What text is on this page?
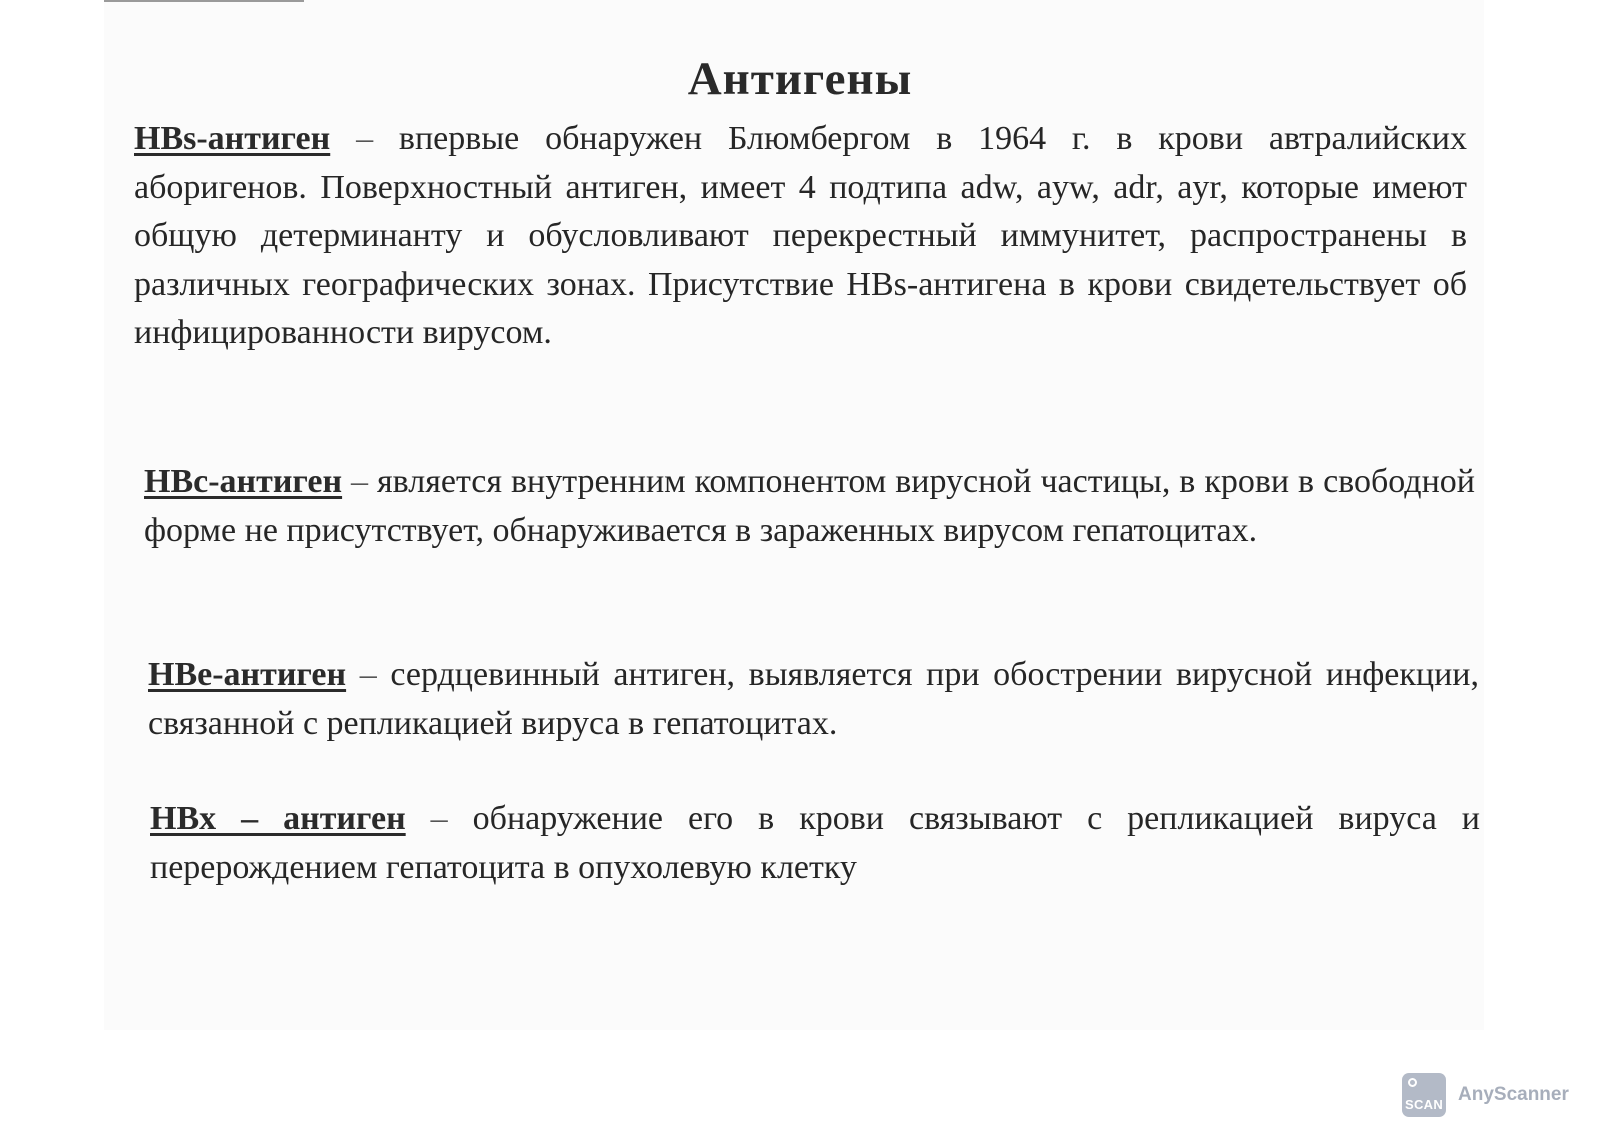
Антигены

HBs-антиген – впервые обнаружен Блюмбергом в 1964 г. в крови автралийских аборигенов. Поверхностный антиген, имеет 4 подтипа adw, ayw, adr, ayr, которые имеют общую детерминанту и обусловливают перекрестный иммунитет, распространены в различных географических зонах. Присутствие HBs-антигена в крови свидетельствует об инфицированности вирусом.

HBc-антиген – является внутренним компонентом вирусной частицы, в крови в свободной форме не присутствует, обнаруживается в зараженных вирусом гепатоцитах.

HBe-антиген – сердцевинный антиген, выявляется при обострении вирусной инфекции, связанной с репликацией вируса в гепатоцитах.

HBx – антиген – обнаружение его в крови связывают с репликацией вируса и перерождением гепатоцита в опухолевую клетку

SCAN AnyScanner
